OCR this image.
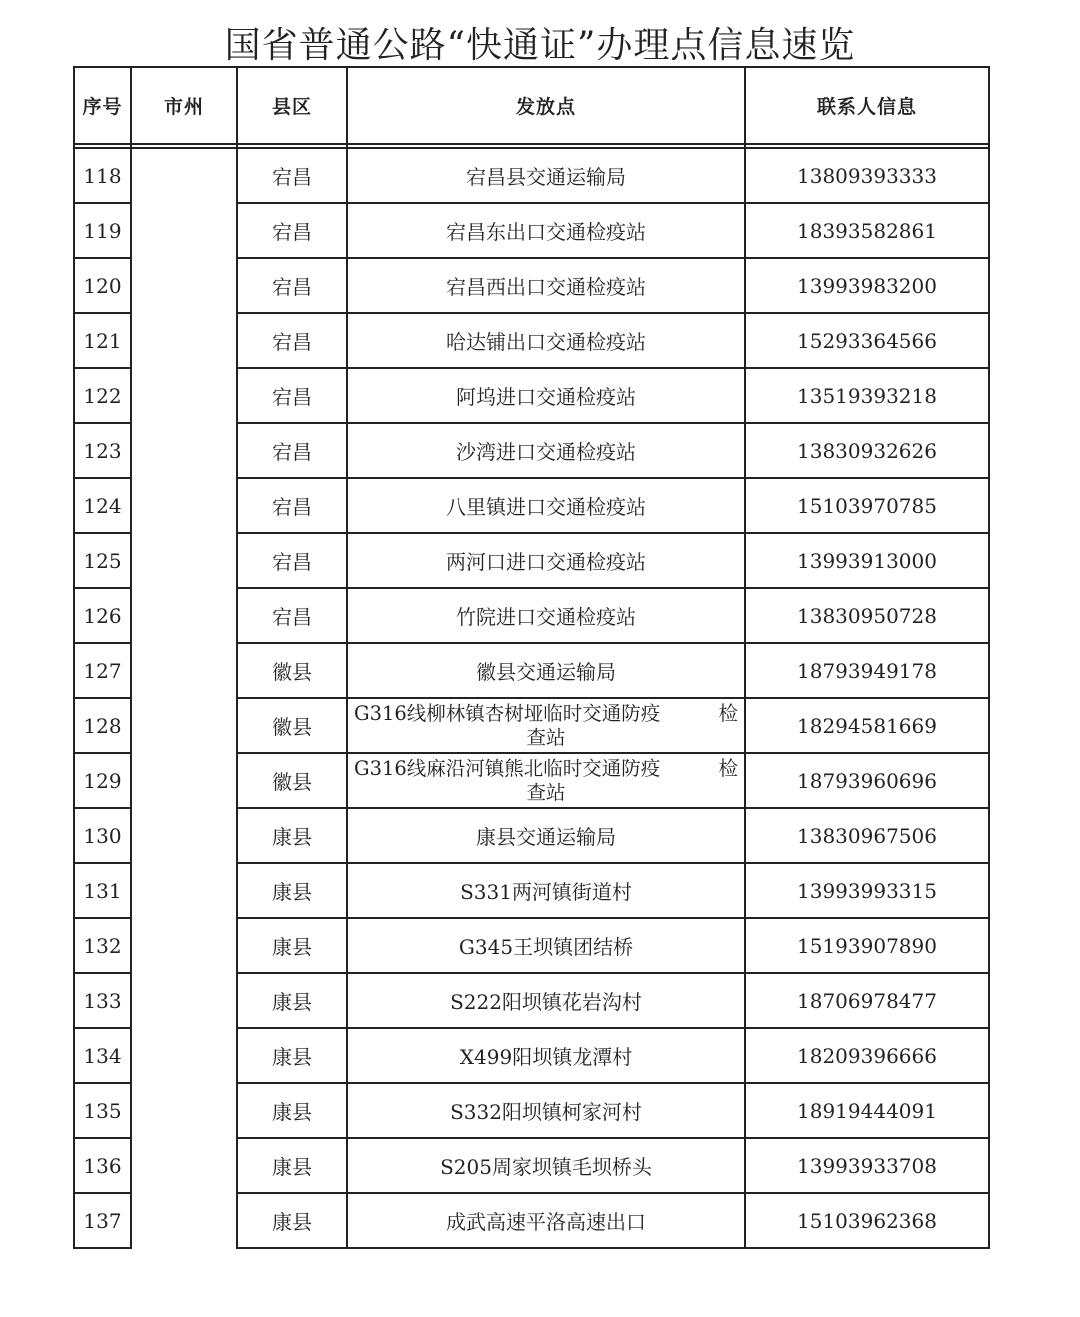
国省普通公路“快通证”办理点信息速览
序号	市州	县区	发放点	联系人信息

118		宕昌	宕昌县交通运输局	13809393333
119		宕昌	宕昌东出口交通检疫站	18393582861
120		宕昌	宕昌西出口交通检疫站	13993983200
121		宕昌	哈达铺出口交通检疫站	15293364566
122		宕昌	阿坞进口交通检疫站	13519393218
123		宕昌	沙湾进口交通检疫站	13830932626
124		宕昌	八里镇进口交通检疫站	15103970785
125		宕昌	两河口进口交通检疫站	13993913000
126		宕昌	竹院进口交通检疫站	13830950728
127		徽县	徽县交通运输局	18793949178
128		徽县	G316线柳林镇杏树垭临时交通防疫 检
查站	18294581669
129		徽县	G316线麻沿河镇熊北临时交通防疫 检
查站	18793960696
130		康县	康县交通运输局	13830967506
131		康县	S331两河镇街道村	13993993315
132		康县	G345王坝镇团结桥	15193907890
133		康县	S222阳坝镇花岩沟村	18706978477
134		康县	X499阳坝镇龙潭村	18209396666
135		康县	S332阳坝镇柯家河村	18919444091
136		康县	S205周家坝镇毛坝桥头	13993933708
137		康县	成武高速平洛高速出口	15103962368
